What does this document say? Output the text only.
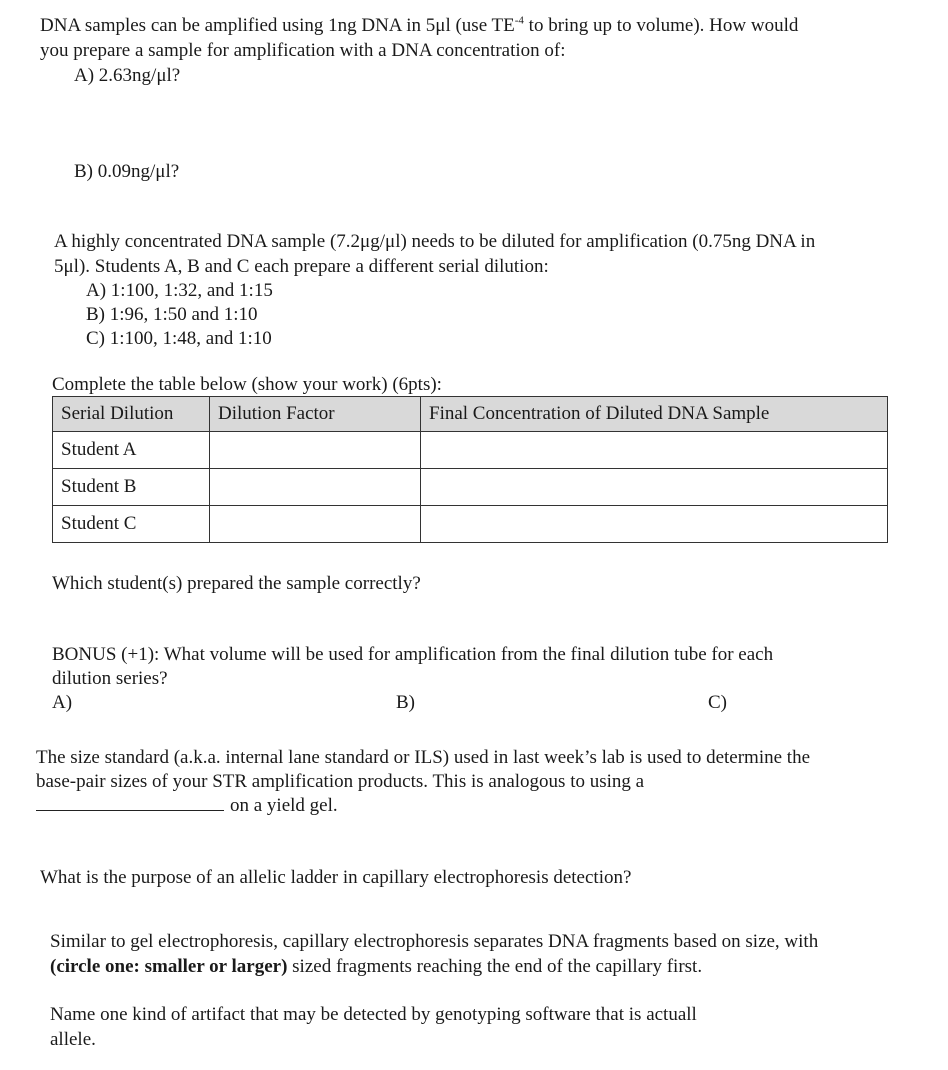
DNA samples can be amplified using 1ng DNA in 5μl (use $TE^{-4}$ to bring up to volume). How would
you prepare a sample for amplification with a DNA concentration of:
A) 2.63ng/μl?
B) 0.09ng/μl?
A highly concentrated DNA sample (7.2μg/μl) needs to be diluted for amplification (0.75ng DNA in
5μl). Students A, B and C each prepare a different serial dilution:
A) 1:100, 1:32, and 1:15
B) 1:96, 1:50 and 1:10
C) 1:100, 1:48, and 1:10
Complete the table below (show your work) (6pts):
Serial Dilution	Dilution Factor	Final Concentration of Diluted DNA Sample
Student A		
Student B		
Student C		
Which student(s) prepared the sample correctly?
BONUS (+1): What volume will be used for amplification from the final dilution tube for each
dilution series?
A)	B)	C)
The size standard (a.k.a. internal lane standard or ILS) used in last week’s lab is used to determine the
base-pair sizes of your STR amplification products. This is analogous to using a
on a yield gel.
What is the purpose of an allelic ladder in capillary electrophoresis detection?
Similar to gel electrophoresis, capillary electrophoresis separates DNA fragments based on size, with
(circle one: smaller or larger) sized fragments reaching the end of the capillary first.
Name one kind of artifact that may be detected by genotyping software that is actuall
allele.
